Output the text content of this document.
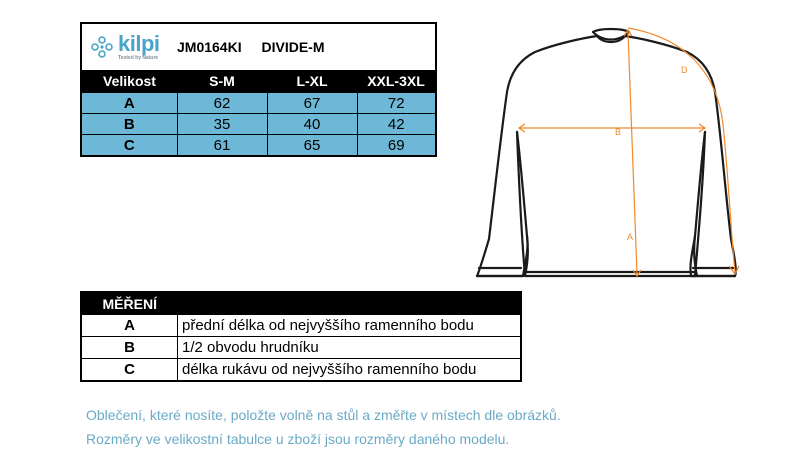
kilpi
Tested by Nature	JM0164KI DIVIDE-M		
Velikost	S-M	L-XL	XXL-3XL
A	62	67	72
B	35	40	42
C	61	65	69
B
A
D
MĚŘENÍ	
A	přední délka od nejvyššího ramenního bodu
B	1/2 obvodu hrudníku
C	délka rukávu od nejvyššího ramenního bodu
Oblečení, které nosíte, položte volně na stůl a změřte v místech dle obrázků.
Rozměry ve velikostní tabulce u zboží jsou rozměry daného modelu.
